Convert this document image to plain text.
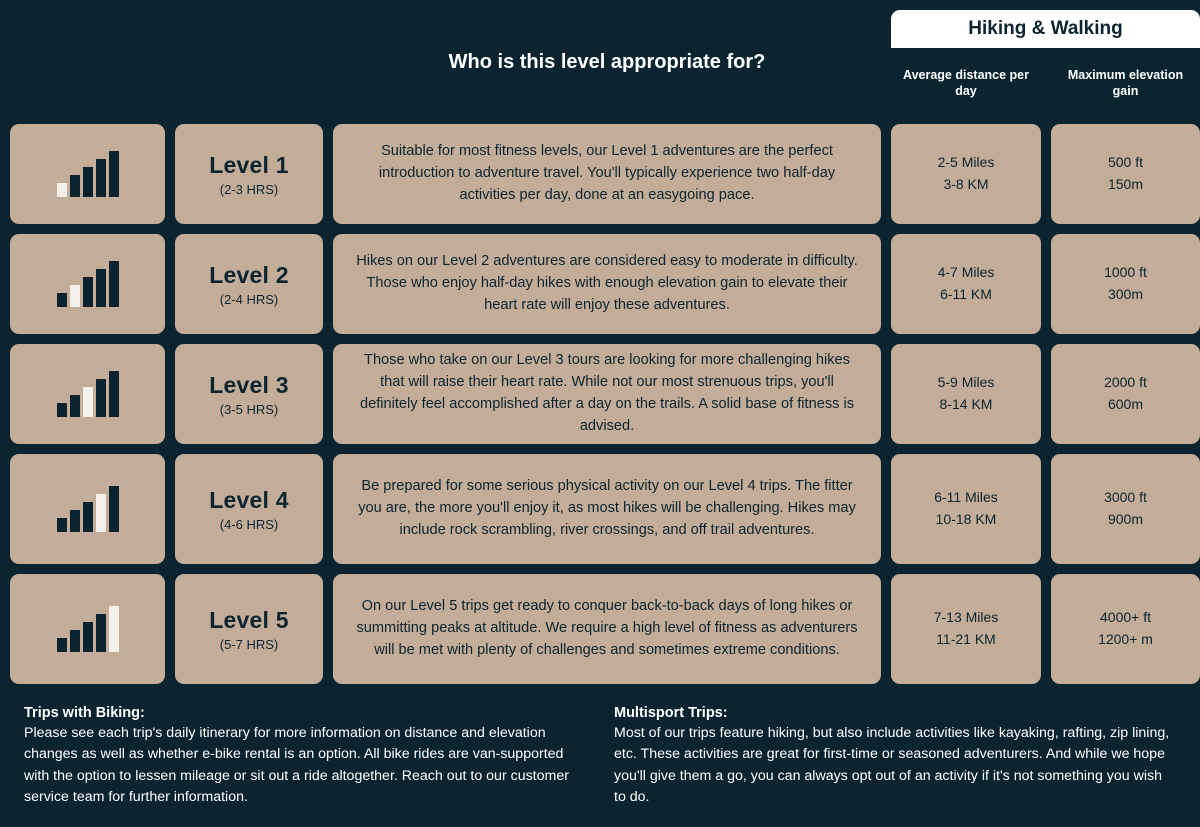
Who is this level appropriate for?
Hiking & Walking
Average distance per day
Maximum elevation gain
Level 1
(2-3 HRS)
Suitable for most fitness levels, our Level 1 adventures are the perfect introduction to adventure travel. You'll typically experience two half-day activities per day, done at an easygoing pace.
2-5 Miles
3-8 KM
500 ft
150m
Level 2
(2-4 HRS)
Hikes on our Level 2 adventures are considered easy to moderate in difficulty. Those who enjoy half-day hikes with enough elevation gain to elevate their heart rate will enjoy these adventures.
4-7 Miles
6-11 KM
1000 ft
300m
Level 3
(3-5 HRS)
Those who take on our Level 3 tours are looking for more challenging hikes that will raise their heart rate. While not our most strenuous trips, you'll definitely feel accomplished after a day on the trails. A solid base of fitness is advised.
5-9 Miles
8-14 KM
2000 ft
600m
Level 4
(4-6 HRS)
Be prepared for some serious physical activity on our Level 4 trips. The fitter you are, the more you'll enjoy it, as most hikes will be challenging. Hikes may include rock scrambling, river crossings, and off trail adventures.
6-11 Miles
10-18 KM
3000 ft
900m
Level 5
(5-7 HRS)
On our Level 5 trips get ready to conquer back-to-back days of long hikes or summitting peaks at altitude. We require a high level of fitness as adventurers will be met with plenty of challenges and sometimes extreme conditions.
7-13 Miles
11-21 KM
4000+ ft
1200+ m
Trips with Biking:
Please see each trip's daily itinerary for more information on distance and elevation changes as well as whether e-bike rental is an option. All bike rides are van-supported with the option to lessen mileage or sit out a ride altogether. Reach out to our customer service team for further information.
Multisport Trips:
Most of our trips feature hiking, but also include activities like kayaking, rafting, zip lining, etc. These activities are great for first-time or seasoned adventurers. And while we hope you'll give them a go, you can always opt out of an activity if it's not something you wish to do.
